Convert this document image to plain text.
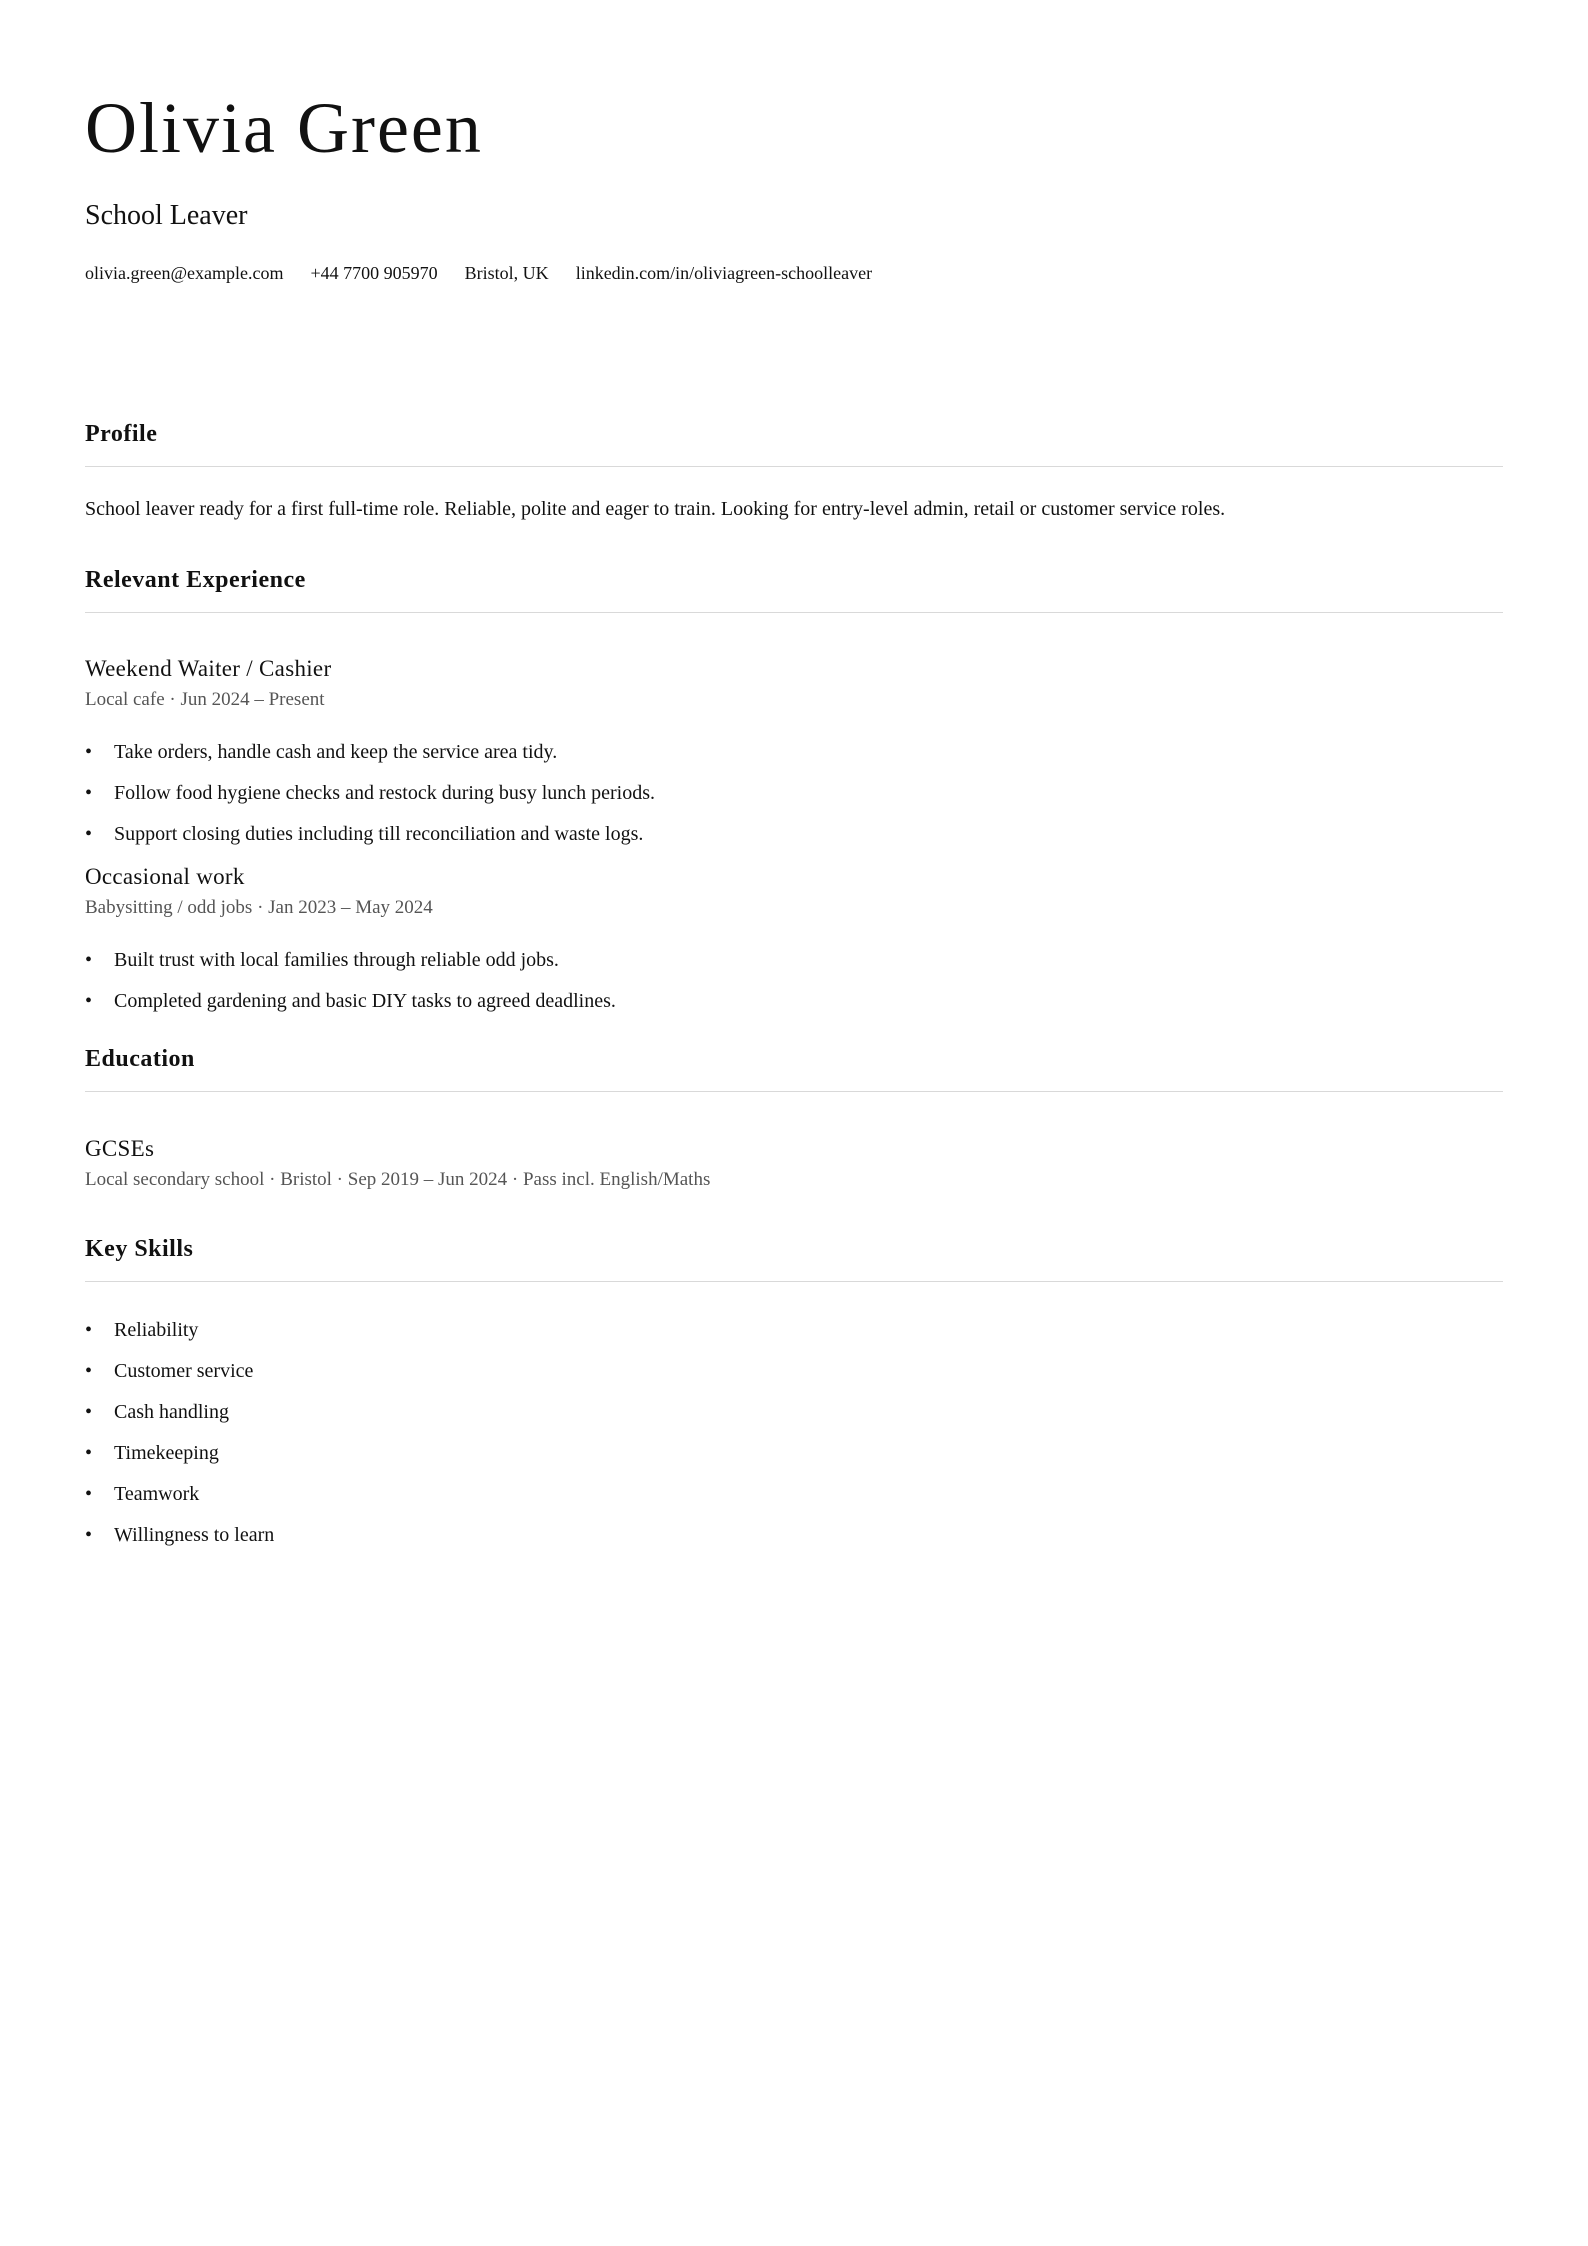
Olivia Green
School Leaver
olivia.green@example.com +44 7700 905970 Bristol, UK linkedin.com/in/oliviagreen-schoolleaver
Profile

School leaver ready for a first full-time role. Reliable, polite and eager to train. Looking for entry-level admin, retail or customer service roles.

Relevant Experience
Weekend Waiter / Cashier
Local cafe · Jun 2024 – Present
• Take orders, handle cash and keep the service area tidy.
• Follow food hygiene checks and restock during busy lunch periods.
• Support closing duties including till reconciliation and waste logs.
Occasional work
Babysitting / odd jobs · Jan 2023 – May 2024
• Built trust with local families through reliable odd jobs.
• Completed gardening and basic DIY tasks to agreed deadlines.
Education
GCSEs
Local secondary school · Bristol · Sep 2019 – Jun 2024 · Pass incl. English/Maths
Key Skills
• Reliability
• Customer service
• Cash handling
• Timekeeping
• Teamwork
• Willingness to learn
